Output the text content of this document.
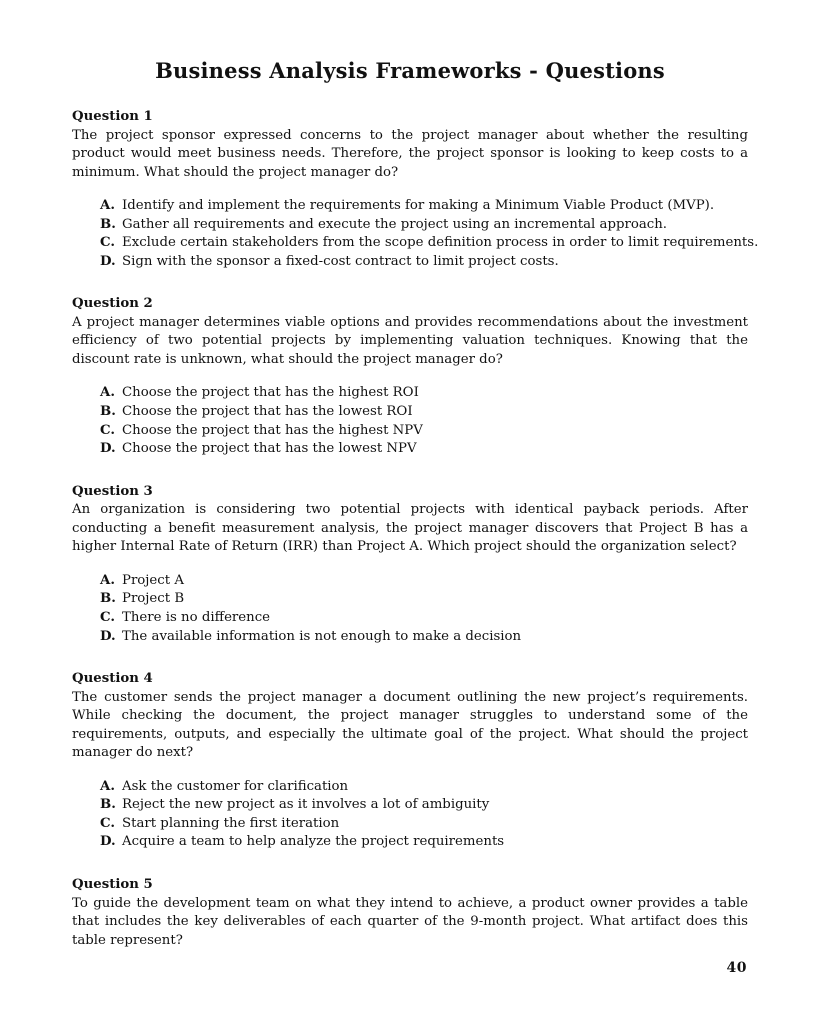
Business Analysis Frameworks - Questions
Question 1

The project sponsor expressed concerns to the project manager about whether the resulting product would meet business needs. Therefore, the project sponsor is looking to keep costs to a minimum. What should the project manager do?

A. Identify and implement the requirements for making a Minimum Viable Product (MVP).
B. Gather all requirements and execute the project using an incremental approach.
C. Exclude certain stakeholders from the scope definition process in order to limit requirements.
D. Sign with the sponsor a fixed-cost contract to limit project costs.
Question 2

A project manager determines viable options and provides recommendations about the investment efficiency of two potential projects by implementing valuation techniques. Knowing that the discount rate is unknown, what should the project manager do?

A. Choose the project that has the highest ROI
B. Choose the project that has the lowest ROI
C. Choose the project that has the highest NPV
D. Choose the project that has the lowest NPV
Question 3

An organization is considering two potential projects with identical payback periods. After conducting a benefit measurement analysis, the project manager discovers that Project B has a higher Internal Rate of Return (IRR) than Project A. Which project should the organization select?

A. Project A
B. Project B
C. There is no difference
D. The available information is not enough to make a decision
Question 4

The customer sends the project manager a document outlining the new project’s requirements. While checking the document, the project manager struggles to understand some of the requirements, outputs, and especially the ultimate goal of the project. What should the project manager do next?

A. Ask the customer for clarification
B. Reject the new project as it involves a lot of ambiguity
C. Start planning the first iteration
D. Acquire a team to help analyze the project requirements
Question 5

To guide the development team on what they intend to achieve, a product owner provides a table that includes the key deliverables of each quarter of the 9-month project. What artifact does this table represent?

40
